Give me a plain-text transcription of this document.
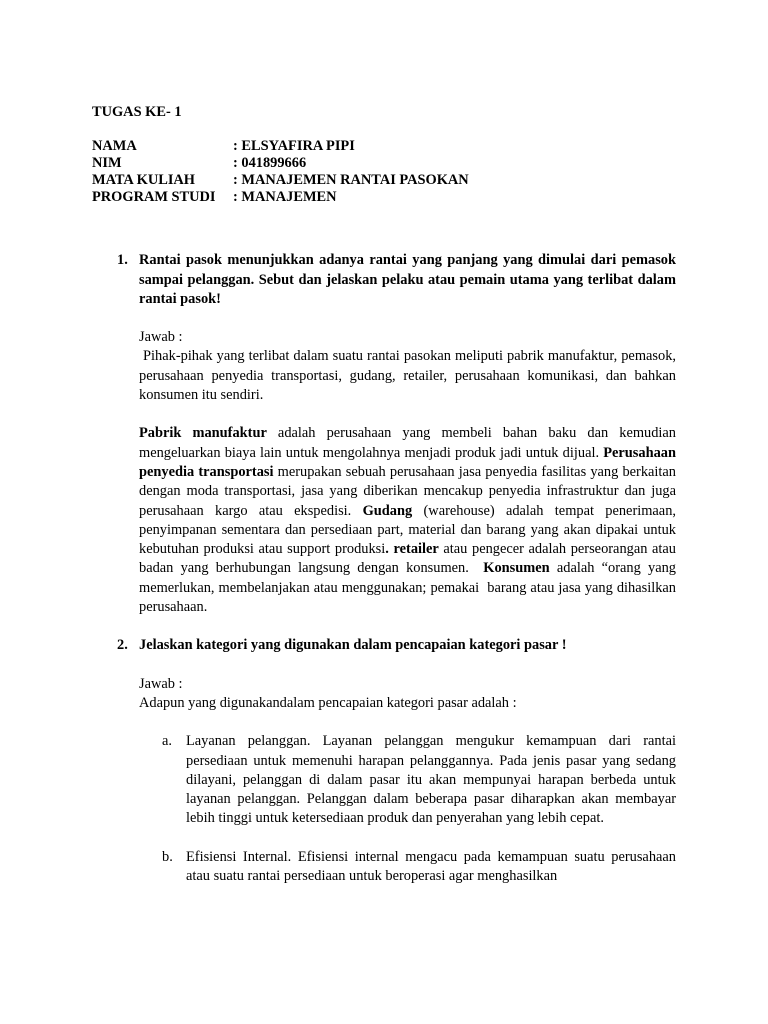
TUGAS KE- 1
NAMA	: ELSYAFIRA PIPI
NIM	: 041899666
MATA KULIAH	: MANAJEMEN RANTAI PASOKAN
PROGRAM STUDI	: MANAJEMEN
1. Rantai pasok menunjukkan adanya rantai yang panjang yang dimulai dari pemasok sampai pelanggan. Sebut dan jelaskan pelaku atau pemain utama yang terlibat dalam rantai pasok!

Jawab :

Pihak-pihak yang terlibat dalam suatu rantai pasokan meliputi pabrik manufaktur, pemasok, perusahaan penyedia transportasi, gudang, retailer, perusahaan komunikasi, dan bahkan konsumen itu sendiri.

Pabrik manufaktur adalah perusahaan yang membeli bahan baku dan kemudian mengeluarkan biaya lain untuk mengolahnya menjadi produk jadi untuk dijual. Perusahaan penyedia transportasi merupakan sebuah perusahaan jasa penyedia fasilitas yang berkaitan dengan moda transportasi, jasa yang diberikan mencakup penyedia infrastruktur dan juga perusahaan kargo atau ekspedisi. Gudang (warehouse) adalah tempat penerimaan, penyimpanan sementara dan persediaan part, material dan barang yang akan dipakai untuk kebutuhan produksi atau support produksi. retailer atau pengecer adalah perseorangan atau badan yang berhubungan langsung dengan konsumen.  Konsumen adalah “orang yang memerlukan, membelanjakan atau menggunakan; pemakai  barang atau jasa yang dihasilkan perusahaan.

2. Jelaskan kategori yang digunakan dalam pencapaian kategori pasar !

Jawab :

Adapun yang digunakandalam pencapaian kategori pasar adalah :

a. Layanan pelanggan. Layanan pelanggan mengukur kemampuan dari rantai persediaan untuk memenuhi harapan pelanggannya. Pada jenis pasar yang sedang dilayani, pelanggan di dalam pasar itu akan mempunyai harapan berbeda untuk layanan pelanggan. Pelanggan dalam beberapa pasar diharapkan akan membayar lebih tinggi untuk ketersediaan produk dan penyerahan yang lebih cepat.

b. Efisiensi Internal. Efisiensi internal mengacu pada kemampuan suatu perusahaan atau suatu rantai persediaan untuk beroperasi agar menghasilkan
